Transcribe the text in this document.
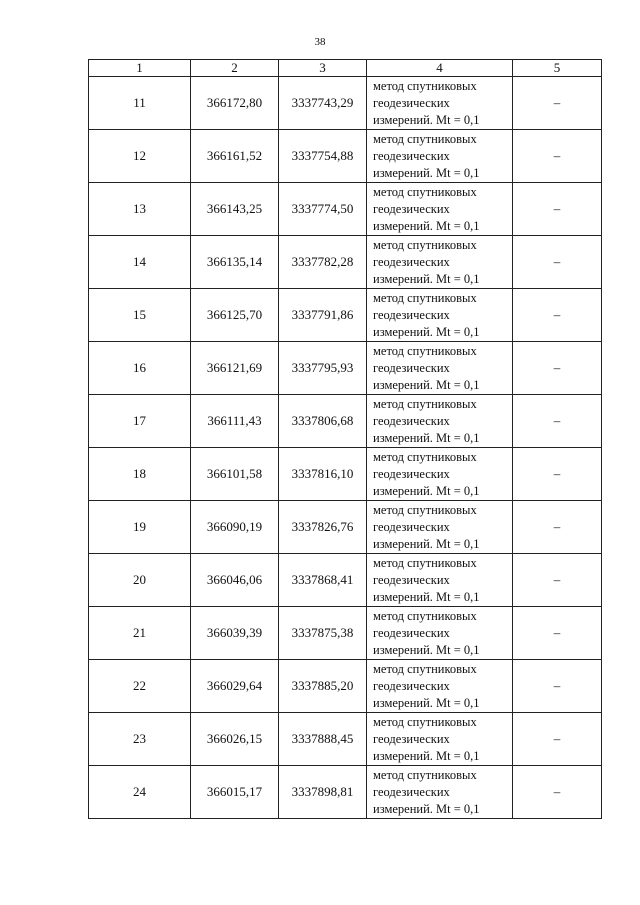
38
1	2	3	4	5
11	366172,80	3337743,29	метод спутниковых
геодезических
измерений. Mt = 0,1	–
12	366161,52	3337754,88	метод спутниковых
геодезических
измерений. Mt = 0,1	–
13	366143,25	3337774,50	метод спутниковых
геодезических
измерений. Mt = 0,1	–
14	366135,14	3337782,28	метод спутниковых
геодезических
измерений. Mt = 0,1	–
15	366125,70	3337791,86	метод спутниковых
геодезических
измерений. Mt = 0,1	–
16	366121,69	3337795,93	метод спутниковых
геодезических
измерений. Mt = 0,1	–
17	366111,43	3337806,68	метод спутниковых
геодезических
измерений. Mt = 0,1	–
18	366101,58	3337816,10	метод спутниковых
геодезических
измерений. Mt = 0,1	–
19	366090,19	3337826,76	метод спутниковых
геодезических
измерений. Mt = 0,1	–
20	366046,06	3337868,41	метод спутниковых
геодезических
измерений. Mt = 0,1	–
21	366039,39	3337875,38	метод спутниковых
геодезических
измерений. Mt = 0,1	–
22	366029,64	3337885,20	метод спутниковых
геодезических
измерений. Mt = 0,1	–
23	366026,15	3337888,45	метод спутниковых
геодезических
измерений. Mt = 0,1	–
24	366015,17	3337898,81	метод спутниковых
геодезических
измерений. Mt = 0,1	–
